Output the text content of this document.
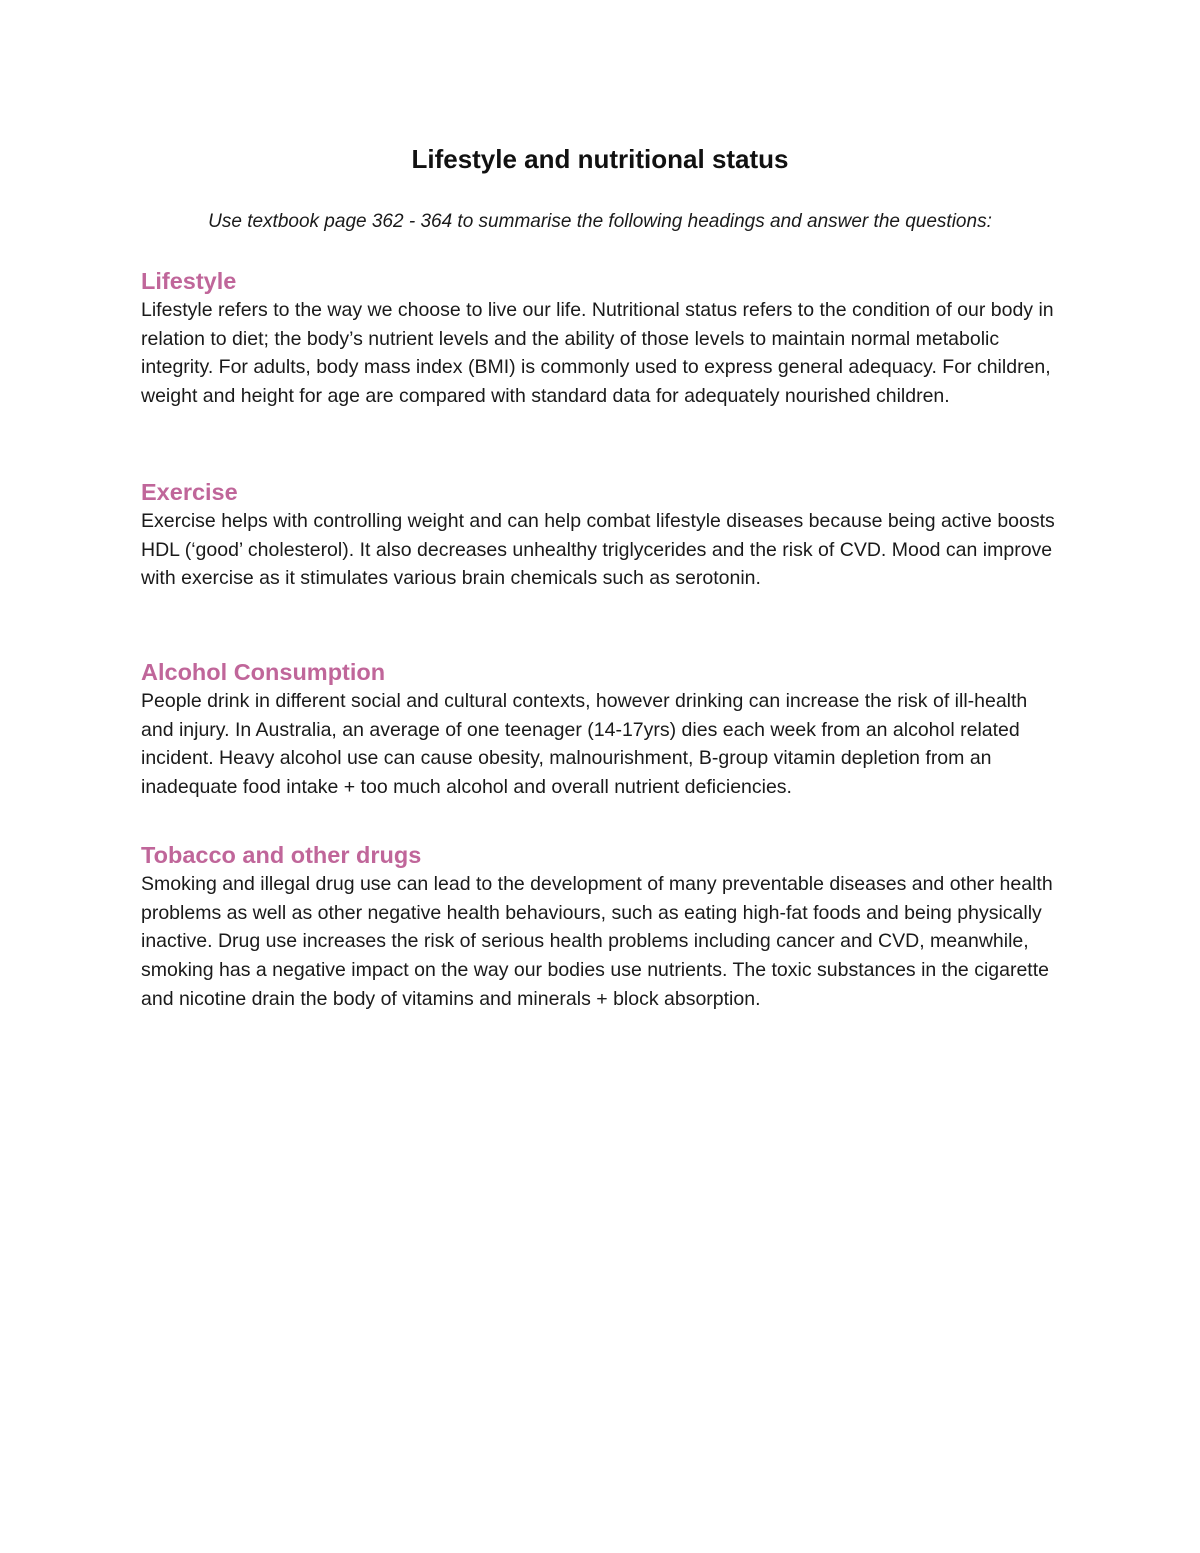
Lifestyle and nutritional status

Use textbook page 362 - 364 to summarise the following headings and answer the questions:

Lifestyle

Lifestyle refers to the way we choose to live our life. Nutritional status refers to the condition of our body in relation to diet; the body’s nutrient levels and the ability of those levels to maintain normal metabolic integrity. For adults, body mass index (BMI) is commonly used to express general adequacy. For children, weight and height for age are compared with standard data for adequately nourished children.

Exercise

Exercise helps with controlling weight and can help combat lifestyle diseases because being active boosts HDL (‘good’ cholesterol). It also decreases unhealthy triglycerides and the risk of CVD. Mood can improve with exercise as it stimulates various brain chemicals such as serotonin.

Alcohol Consumption

People drink in different social and cultural contexts, however drinking can increase the risk of ill-health and injury. In Australia, an average of one teenager (14-17yrs) dies each week from an alcohol related incident. Heavy alcohol use can cause obesity, malnourishment, B-group vitamin depletion from an inadequate food intake + too much alcohol and overall nutrient deficiencies.

Tobacco and other drugs

Smoking and illegal drug use can lead to the development of many preventable diseases and other health problems as well as other negative health behaviours, such as eating high-fat foods and being physically inactive. Drug use increases the risk of serious health problems including cancer and CVD, meanwhile, smoking has a negative impact on the way our bodies use nutrients. The toxic substances in the cigarette and nicotine drain the body of vitamins and minerals + block absorption.
